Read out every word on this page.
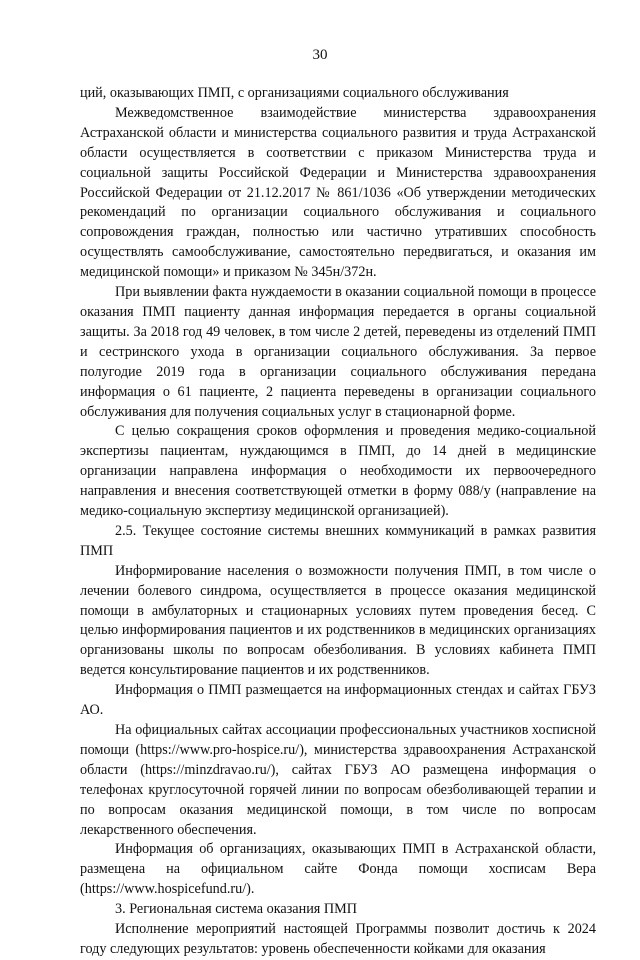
30

ций, оказывающих ПМП, с организациями социального обслуживания

Межведомственное взаимодействие министерства здравоохранения Астраханской области и министерства социального развития и труда Астраханской области осуществляется в соответствии с приказом Министерства труда и социальной защиты Российской Федерации и Министерства здравоохранения Российской Федерации от 21.12.2017 № 861/1036 «Об утверждении методических рекомендаций по организации социального обслуживания и социального сопровождения граждан, полностью или частично утративших способность осуществлять самообслуживание, самостоятельно передвигаться, и оказания им медицинской помощи» и приказом № 345н/372н.

При выявлении факта нуждаемости в оказании социальной помощи в процессе оказания ПМП пациенту данная информация передается в органы социальной защиты. За 2018 год 49 человек, в том числе 2 детей, переведены из отделений ПМП и сестринского ухода в организации социального обслуживания. За первое полугодие 2019 года в организации социального обслуживания передана информация о 61 пациенте, 2 пациента переведены в организации социального обслуживания для получения социальных услуг в стационарной форме.

С целью сокращения сроков оформления и проведения медико-социальной экспертизы пациентам, нуждающимся в ПМП, до 14 дней в медицинские организации направлена информация о необходимости их первоочередного направления и внесения соответствующей отметки в форму 088/у (направление на медико-социальную экспертизу медицинской организацией).

2.5. Текущее состояние системы внешних коммуникаций в рамках развития ПМП

Информирование населения о возможности получения ПМП, в том числе о лечении болевого синдрома, осуществляется в процессе оказания медицинской помощи в амбулаторных и стационарных условиях путем проведения бесед. С целью информирования пациентов и их родственников в медицинских организациях организованы школы по вопросам обезболивания. В условиях кабинета ПМП ведется консультирование пациентов и их родственников.

Информация о ПМП размещается на информационных стендах и сайтах ГБУЗ АО.

На официальных сайтах ассоциации профессиональных участников хосписной помощи (https://www.pro-hospice.ru/), министерства здравоохранения Астраханской области (https://minzdravao.ru/), сайтах ГБУЗ АО размещена информация о телефонах круглосуточной горячей линии по вопросам обезболивающей терапии и по вопросам оказания медицинской помощи, в том числе по вопросам лекарственного обеспечения.

Информация об организациях, оказывающих ПМП в Астраханской области, размещена на официальном сайте Фонда помощи хосписам Вера (https://www.hospicefund.ru/).

3. Региональная система оказания ПМП

Исполнение мероприятий настоящей Программы позволит достичь к 2024 году следующих результатов: уровень обеспеченности койками для оказания
